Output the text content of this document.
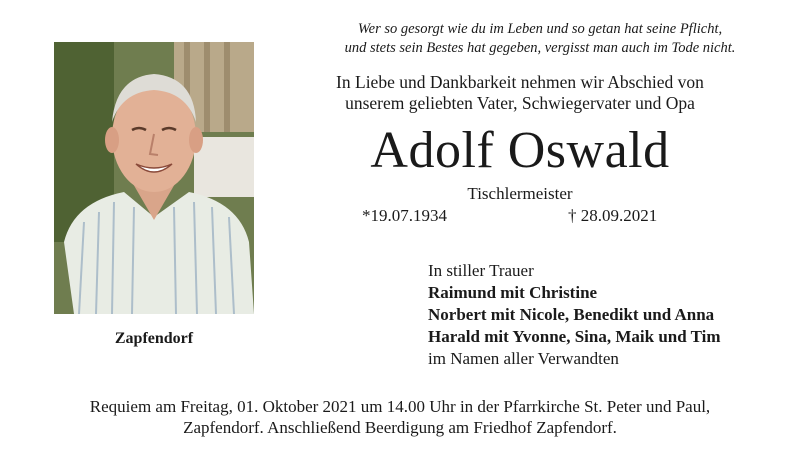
Zapfendorf
Wer so gesorgt wie du im Leben und so getan hat seine Pflicht,
und stets sein Bestes hat gegeben, vergisst man auch im Tode nicht.
In Liebe und Dankbarkeit nehmen wir Abschied von
unserem geliebten Vater, Schwiegervater und Opa
Adolf Oswald
Tischlermeister
*19.07.1934	† 28.09.2021
In stiller Trauer
Raimund mit Christine
Norbert mit Nicole, Benedikt und Anna
Harald mit Yvonne, Sina, Maik und Tim
im Namen aller Verwandten
Requiem am Freitag, 01. Oktober 2021 um 14.00 Uhr in der Pfarrkirche St. Peter und Paul,
Zapfendorf. Anschließend Beerdigung am Friedhof Zapfendorf.
